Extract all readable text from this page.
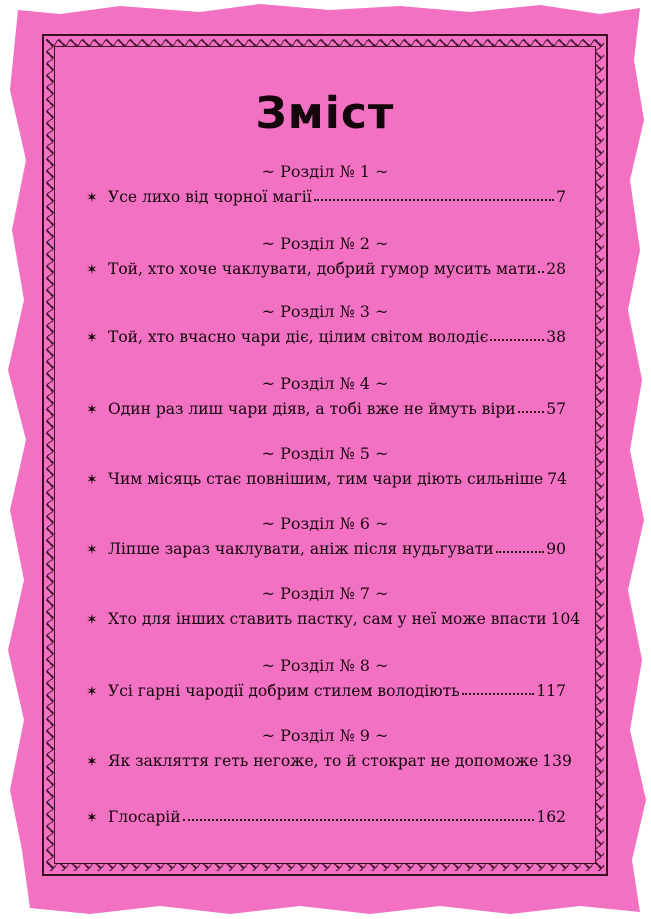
Зміст
~ Розділ № 1 ~
✶ Усе лихо від чорної магії	7
~ Розділ № 2 ~
✶ Той, хто хоче чаклувати, добрий гумор мусить мати 28
~ Розділ № 3 ~
✶ Той, хто вчасно чари діє, цілим світом володіє	38
~ Розділ № 4 ~
✶ Один раз лиш чари діяв, а тобі вже не ймуть віри 57
~ Розділ № 5 ~
✶ Чим місяць стає повнішим, тим чари діють сильніше 74
~ Розділ № 6 ~
✶ Ліпше зараз чаклувати, аніж після нудьгувати	90
~ Розділ № 7 ~
✶ Хто для інших ставить пастку, сам у неї може впасти 104
~ Розділ № 8 ~
✶ Усі гарні чародії добрим стилем володіють	117
~ Розділ № 9 ~
✶ Як закляття геть негоже, то й стократ не допоможе 139
✶ Глосарій	162
